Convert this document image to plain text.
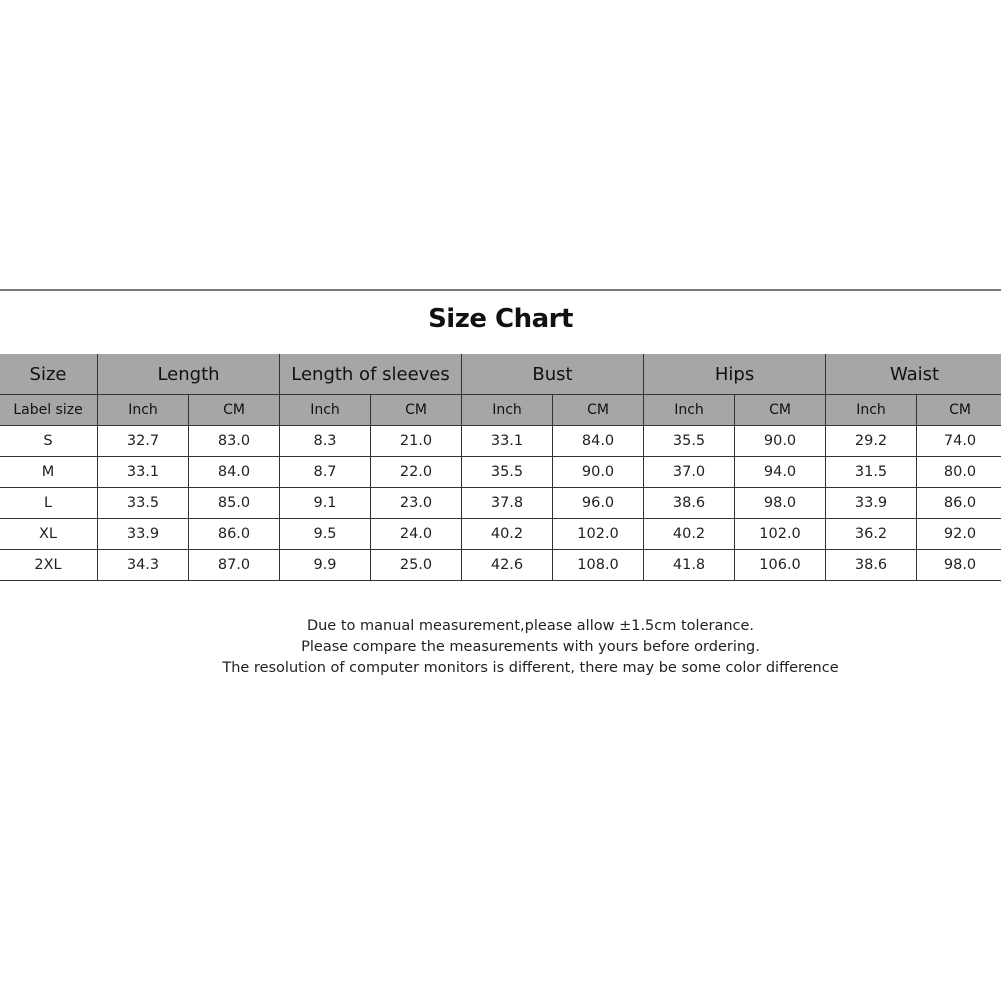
Size Chart
Size	Length		Length of sleeves		Bust		Hips		Waist	
Label size	Inch	CM	Inch	CM	Inch	CM	Inch	CM	Inch	CM
S	32.7	83.0	8.3	21.0	33.1	84.0	35.5	90.0	29.2	74.0
M	33.1	84.0	8.7	22.0	35.5	90.0	37.0	94.0	31.5	80.0
L	33.5	85.0	9.1	23.0	37.8	96.0	38.6	98.0	33.9	86.0
XL	33.9	86.0	9.5	24.0	40.2	102.0	40.2	102.0	36.2	92.0
2XL	34.3	87.0	9.9	25.0	42.6	108.0	41.8	106.0	38.6	98.0
Due to manual measurement,please allow ±1.5cm tolerance.
Please compare the measurements with yours before ordering.
The resolution of computer monitors is different, there may be some color difference
